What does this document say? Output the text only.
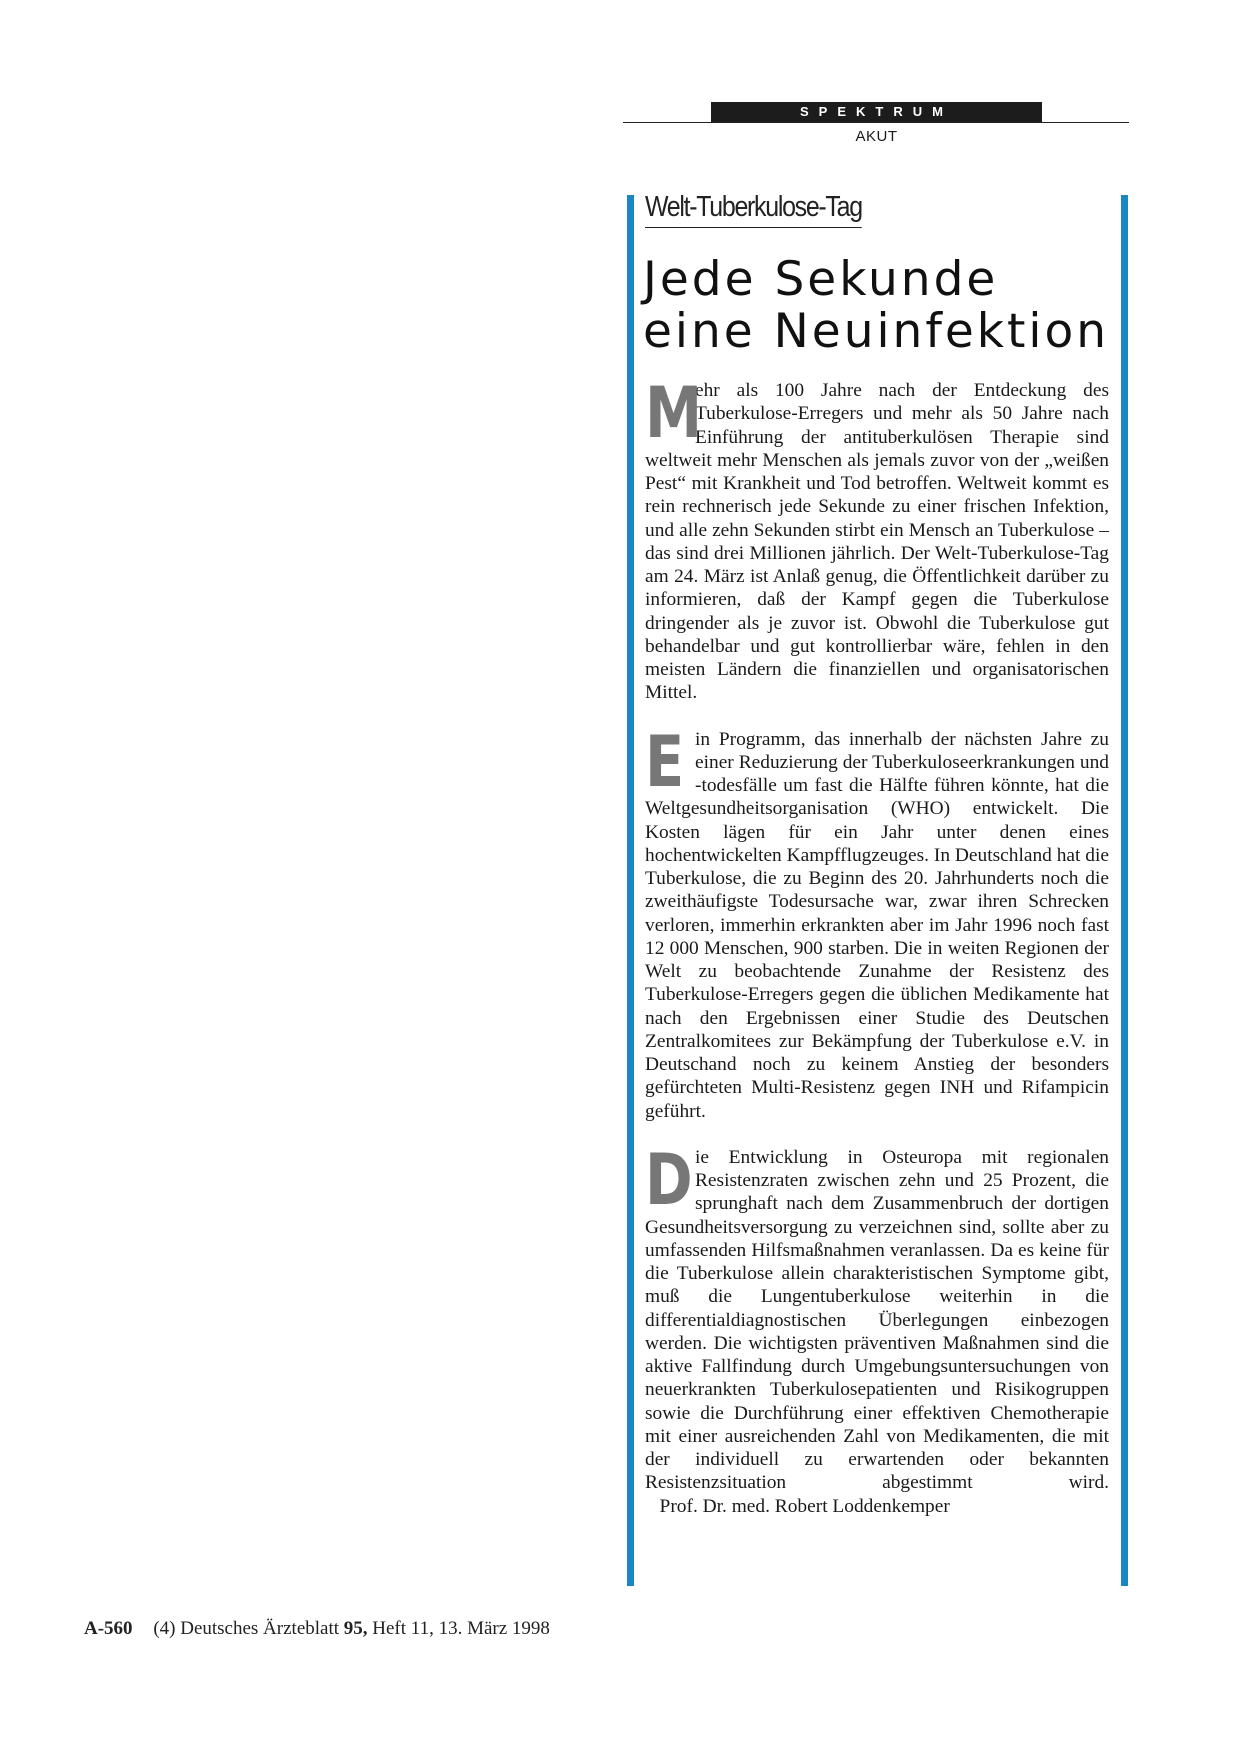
SPEKTRUM
AKUT
Welt-Tuberkulose-Tag
Jede Sekunde eine Neuinfektion

M
ehr als 100 Jahre nach der Entdeckung des Tuberkulose-Erregers und mehr als 50 Jahre nach Einführung der antituberkulösen Therapie sind weltweit mehr Menschen als jemals zuvor von der „weißen Pest“ mit Krankheit und Tod betroffen. Weltweit kommt es rein rechnerisch jede Sekunde zu einer frischen Infektion, und alle zehn Sekunden stirbt ein Mensch an Tuberkulose – das sind drei Millionen jährlich. Der Welt-Tuberkulose-Tag am 24. März ist Anlaß genug, die Öffentlichkeit darüber zu informieren, daß der Kampf gegen die Tuberkulose dringender als je zuvor ist. Obwohl die Tuberkulose gut behandelbar und gut kontrollierbar wäre, fehlen in den meisten Ländern die finanziellen und organisatorischen Mittel.

E in Programm, das innerhalb der nächsten Jahre zu einer Reduzierung der Tuberkuloseerkrankungen und -todesfälle um fast die Hälfte führen könnte, hat die Weltgesundheitsorganisation (WHO) entwickelt. Die Kosten lägen für ein Jahr unter denen eines hochentwickelten Kampfflugzeuges. In Deutschland hat die Tuberkulose, die zu Beginn des 20. Jahrhunderts noch die zweithäufigste Todesursache war, zwar ihren Schrecken verloren, immerhin erkrankten aber im Jahr 1996 noch fast 12 000 Menschen, 900 starben. Die in weiten Regionen der Welt zu beobachtende Zunahme der Resistenz des Tuberkulose-Erregers gegen die üblichen Medikamente hat nach den Ergebnissen einer Studie des Deutschen Zentralkomitees zur Bekämpfung der Tuberkulose e.V. in Deutschand noch zu keinem Anstieg der besonders gefürchteten Multi-Resistenz gegen INH und Rifampicin geführt.

D ie Entwicklung in Osteuropa mit regionalen Resistenzraten zwischen zehn und 25 Prozent, die sprunghaft nach dem Zusammenbruch der dortigen Gesundheitsversorgung zu verzeichnen sind, sollte aber zu umfassenden Hilfsmaßnahmen veranlassen. Da es keine für die Tuberkulose allein charakteristischen Symptome gibt, muß die Lungentuberkulose weiterhin in die differentialdiagnostischen Überlegungen einbezogen werden. Die wichtigsten präventiven Maßnahmen sind die aktive Fallfindung durch Umgebungsuntersuchungen von neuerkrankten Tuberkulosepatienten und Risikogruppen sowie die Durchführung einer effektiven Chemotherapie mit einer ausreichenden Zahl von Medikamenten, die mit der individuell zu erwartenden oder bekannten Resistenzsituation abgestimmt wird.    Prof. Dr. med. Robert Loddenkemper

A-560 (4) Deutsches Ärzteblatt 95, Heft 11, 13. März 1998
